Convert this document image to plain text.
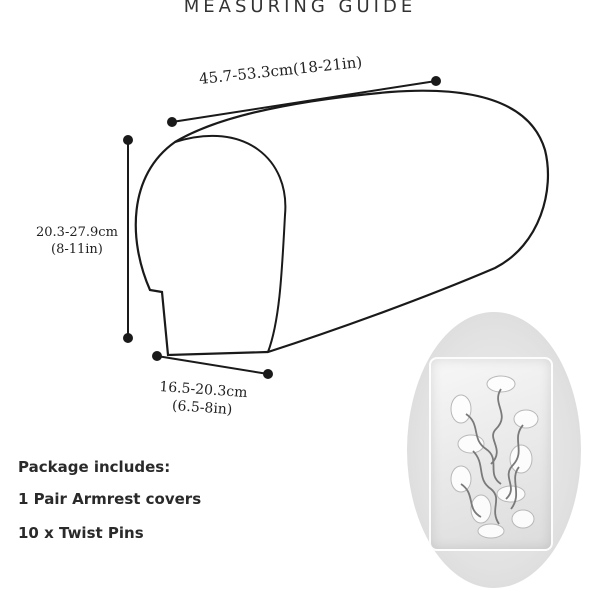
MEASURING GUIDE
45.7-53.3cm(18-21in)
20.3-27.9cm
(8-11in)
16.5-20.3cm
(6.5-8in)
Package includes:
1 Pair Armrest covers
10 x Twist Pins
